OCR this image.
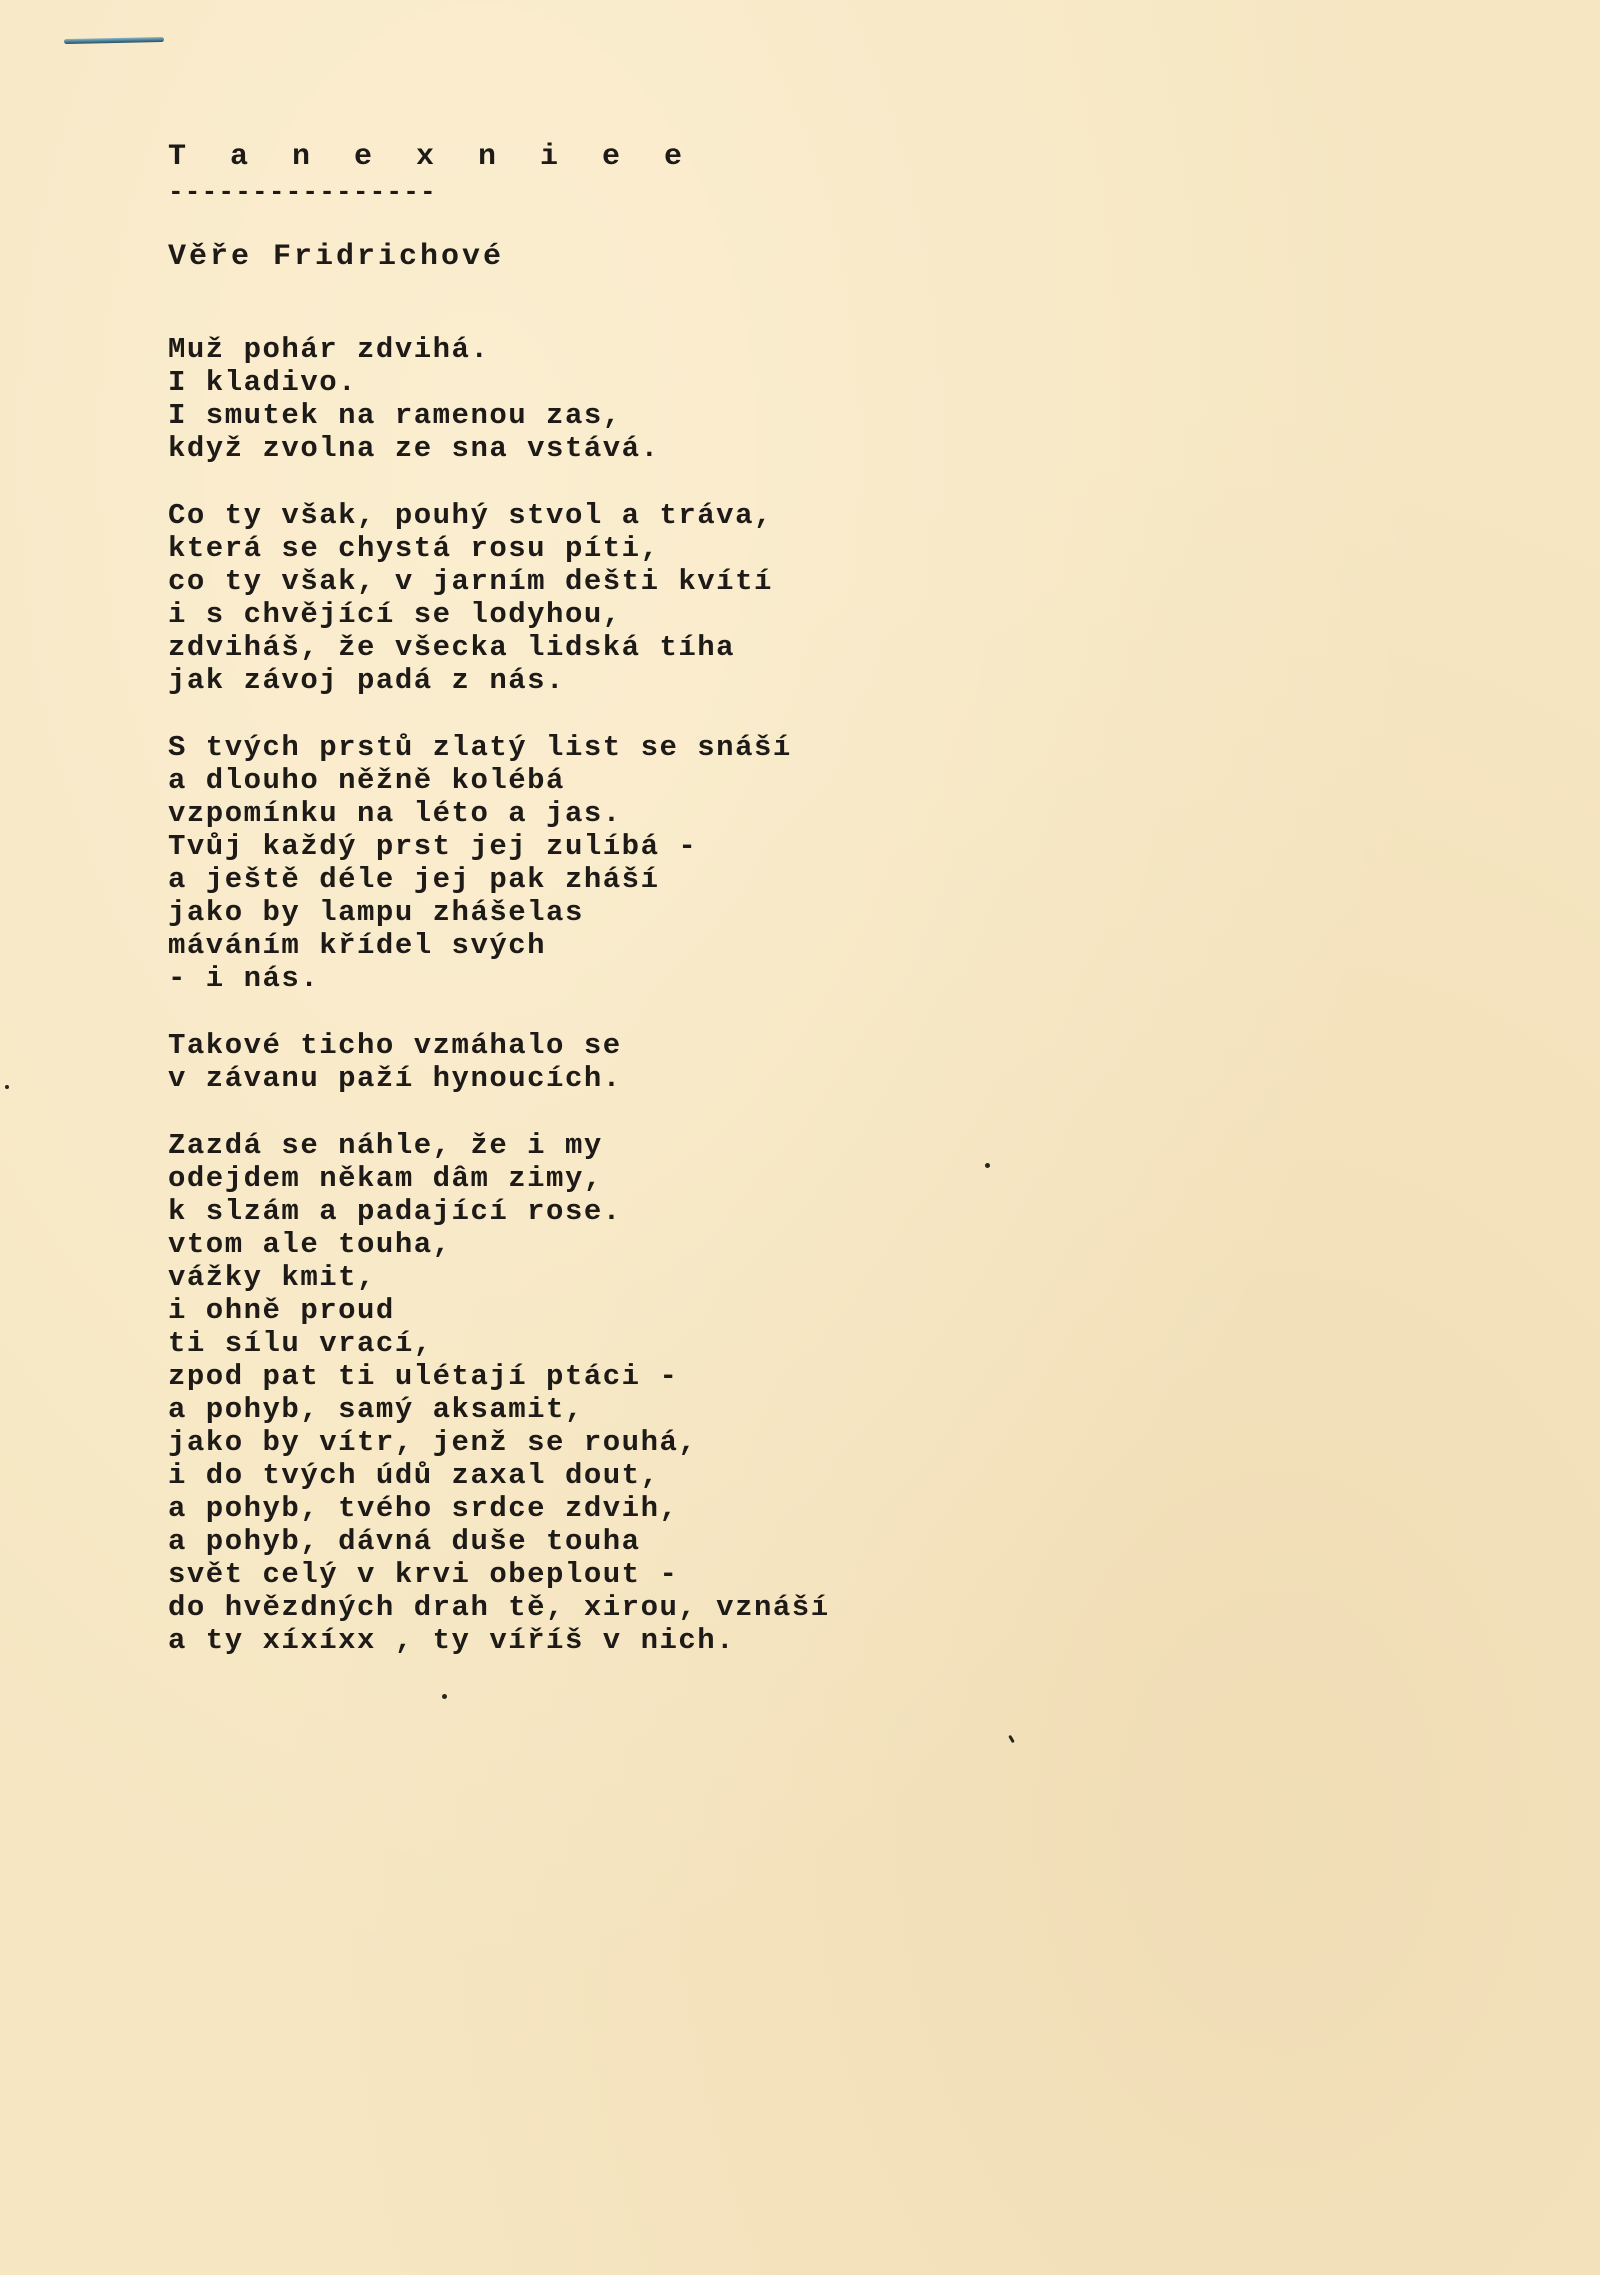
T a n e x n i e e
----------------
Věře Fridrichové
Muž pohár zdvihá.
I kladivo.
I smutek na ramenou zas,
když zvolna ze sna vstává.
Co ty však, pouhý stvol a tráva,
která se chystá rosu píti,
co ty však, v jarním dešti kvítí
i s chvějící se lodyhou,
zdviháš, že všecka lidská tíha
jak závoj padá z nás.
S tvých prstů zlatý list se snáší
a dlouho něžně kolébá
vzpomínku na léto a jas.
Tvůj každý prst jej zulíbá -
a ještě déle jej pak zháší
jako by lampu zhášelas
máváním křídel svých
- i nás.
Takové ticho vzmáhalo se
v závanu paží hynoucích.
Zazdá se náhle, že i my
odejdem někam dâm zimy,
k slzám a padající rose.
vtom ale touha,
vážky kmit,
i ohně proud
ti sílu vrací,
zpod pat ti ulétají ptáci -
a pohyb, samý aksamit,
jako by vítr, jenž se rouhá,
i do tvých údů zaxal dout,
a pohyb, tvého srdce zdvih,
a pohyb, dávná duše touha
svět celý v krvi obeplout -
do hvězdných drah tě, xirou, vznáší
a ty xíxíxx , ty víříš v nich.
